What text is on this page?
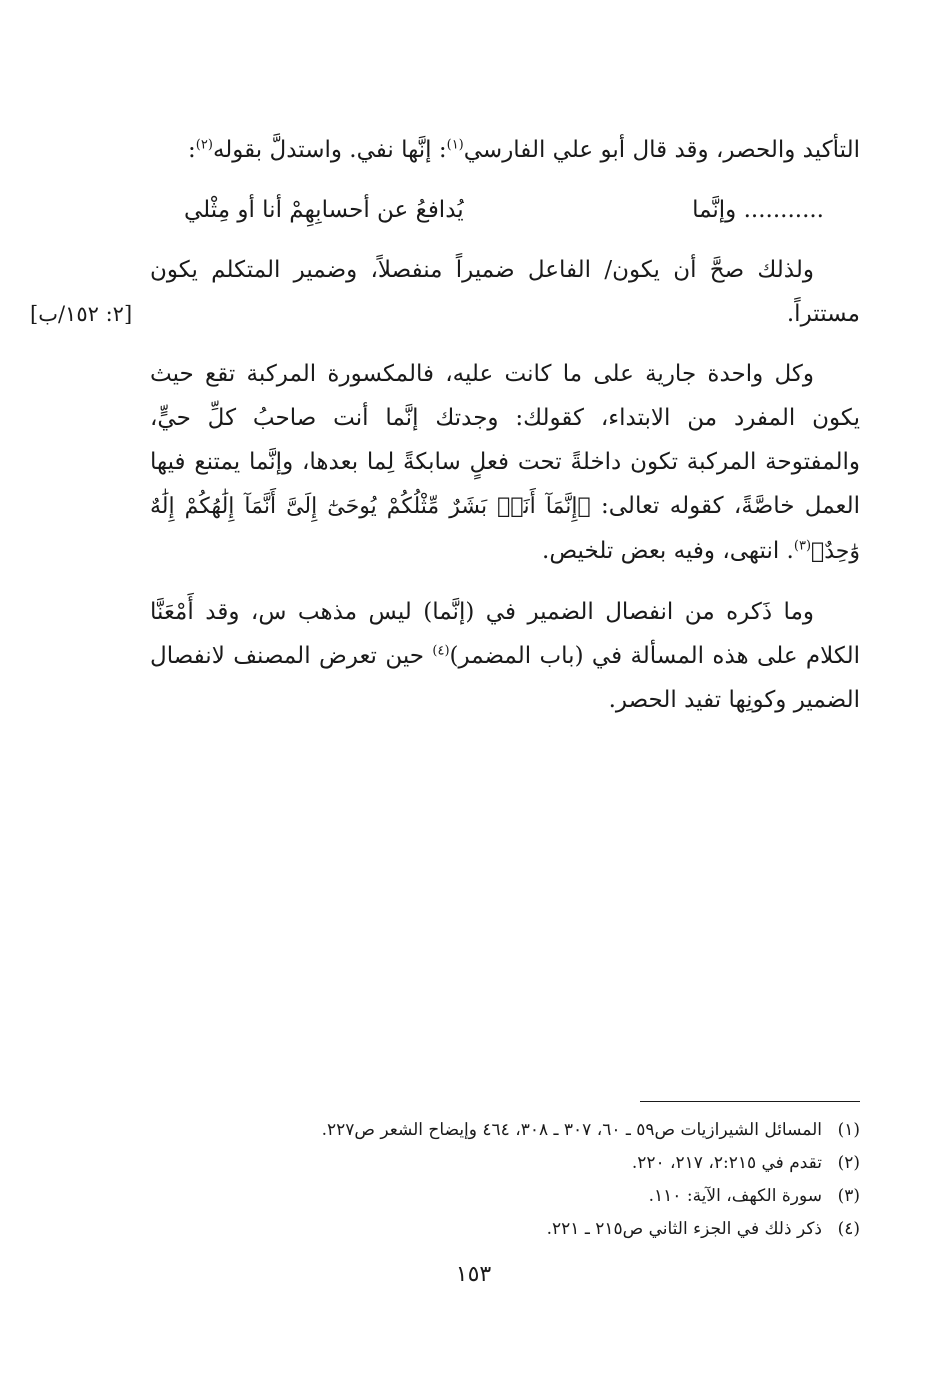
التأكيد والحصر، وقد قال أبو علي الفارسي$^{(١)}$: إنَّها نفي. واستدلَّ بقوله$^{(٢)}$:

........... وإنَّما
يُدافعُ عن أحسابِهِمْ أنا أو مِثْلي

ولذلك صحَّ أن يكون/ الفاعل ضميراً منفصلاً، وضمير المتكلم يكون مستتراً.

وكل واحدة جارية على ما كانت عليه، فالمكسورة المركبة تقع حيث يكون المفرد من الابتداء، كقولك: وجدتك إنَّما أنت صاحبُ كلِّ حيٍّ، والمفتوحة المركبة تكون داخلةً تحت فعلٍ سابكةً لِما بعدها، وإنَّما يمتنع فيها العمل خاصَّةً، كقوله تعالى: ﴿إِنَّمَآ أَنَا۠ بَشَرٌ مِّثْلُكُمْ يُوحَىٰٓ إِلَىَّ أَنَّمَآ إِلَٰهُكُمْ إِلَٰهٌ وَٰحِدٌ﴾$^{(٣)}$. انتهى، وفيه بعض تلخيص.

وما ذَكره من انفصال الضمير في (إنَّما) ليس مذهب س، وقد أَمْعَنَّا الكلام على هذه المسألة في (باب المضمر)$^{(٤)}$ حين تعرض المصنف لانفصال الضمير وكونِها تفيد الحصر.

[٢: ١٥٢/ب]
(١)
المسائل الشيرازيات ص٥٩ ـ ٦٠، ٣٠٧ ـ ٣٠٨، ٤٦٤ وإيضاح الشعر ص٢٢٧.
(٢)
تقدم في ٢:٢١٥، ٢١٧، ٢٢٠.
(٣)
سورة الكهف، الآية: ١١٠.
(٤)
ذكر ذلك في الجزء الثاني ص٢١٥ ـ ٢٢١.
١٥٣
